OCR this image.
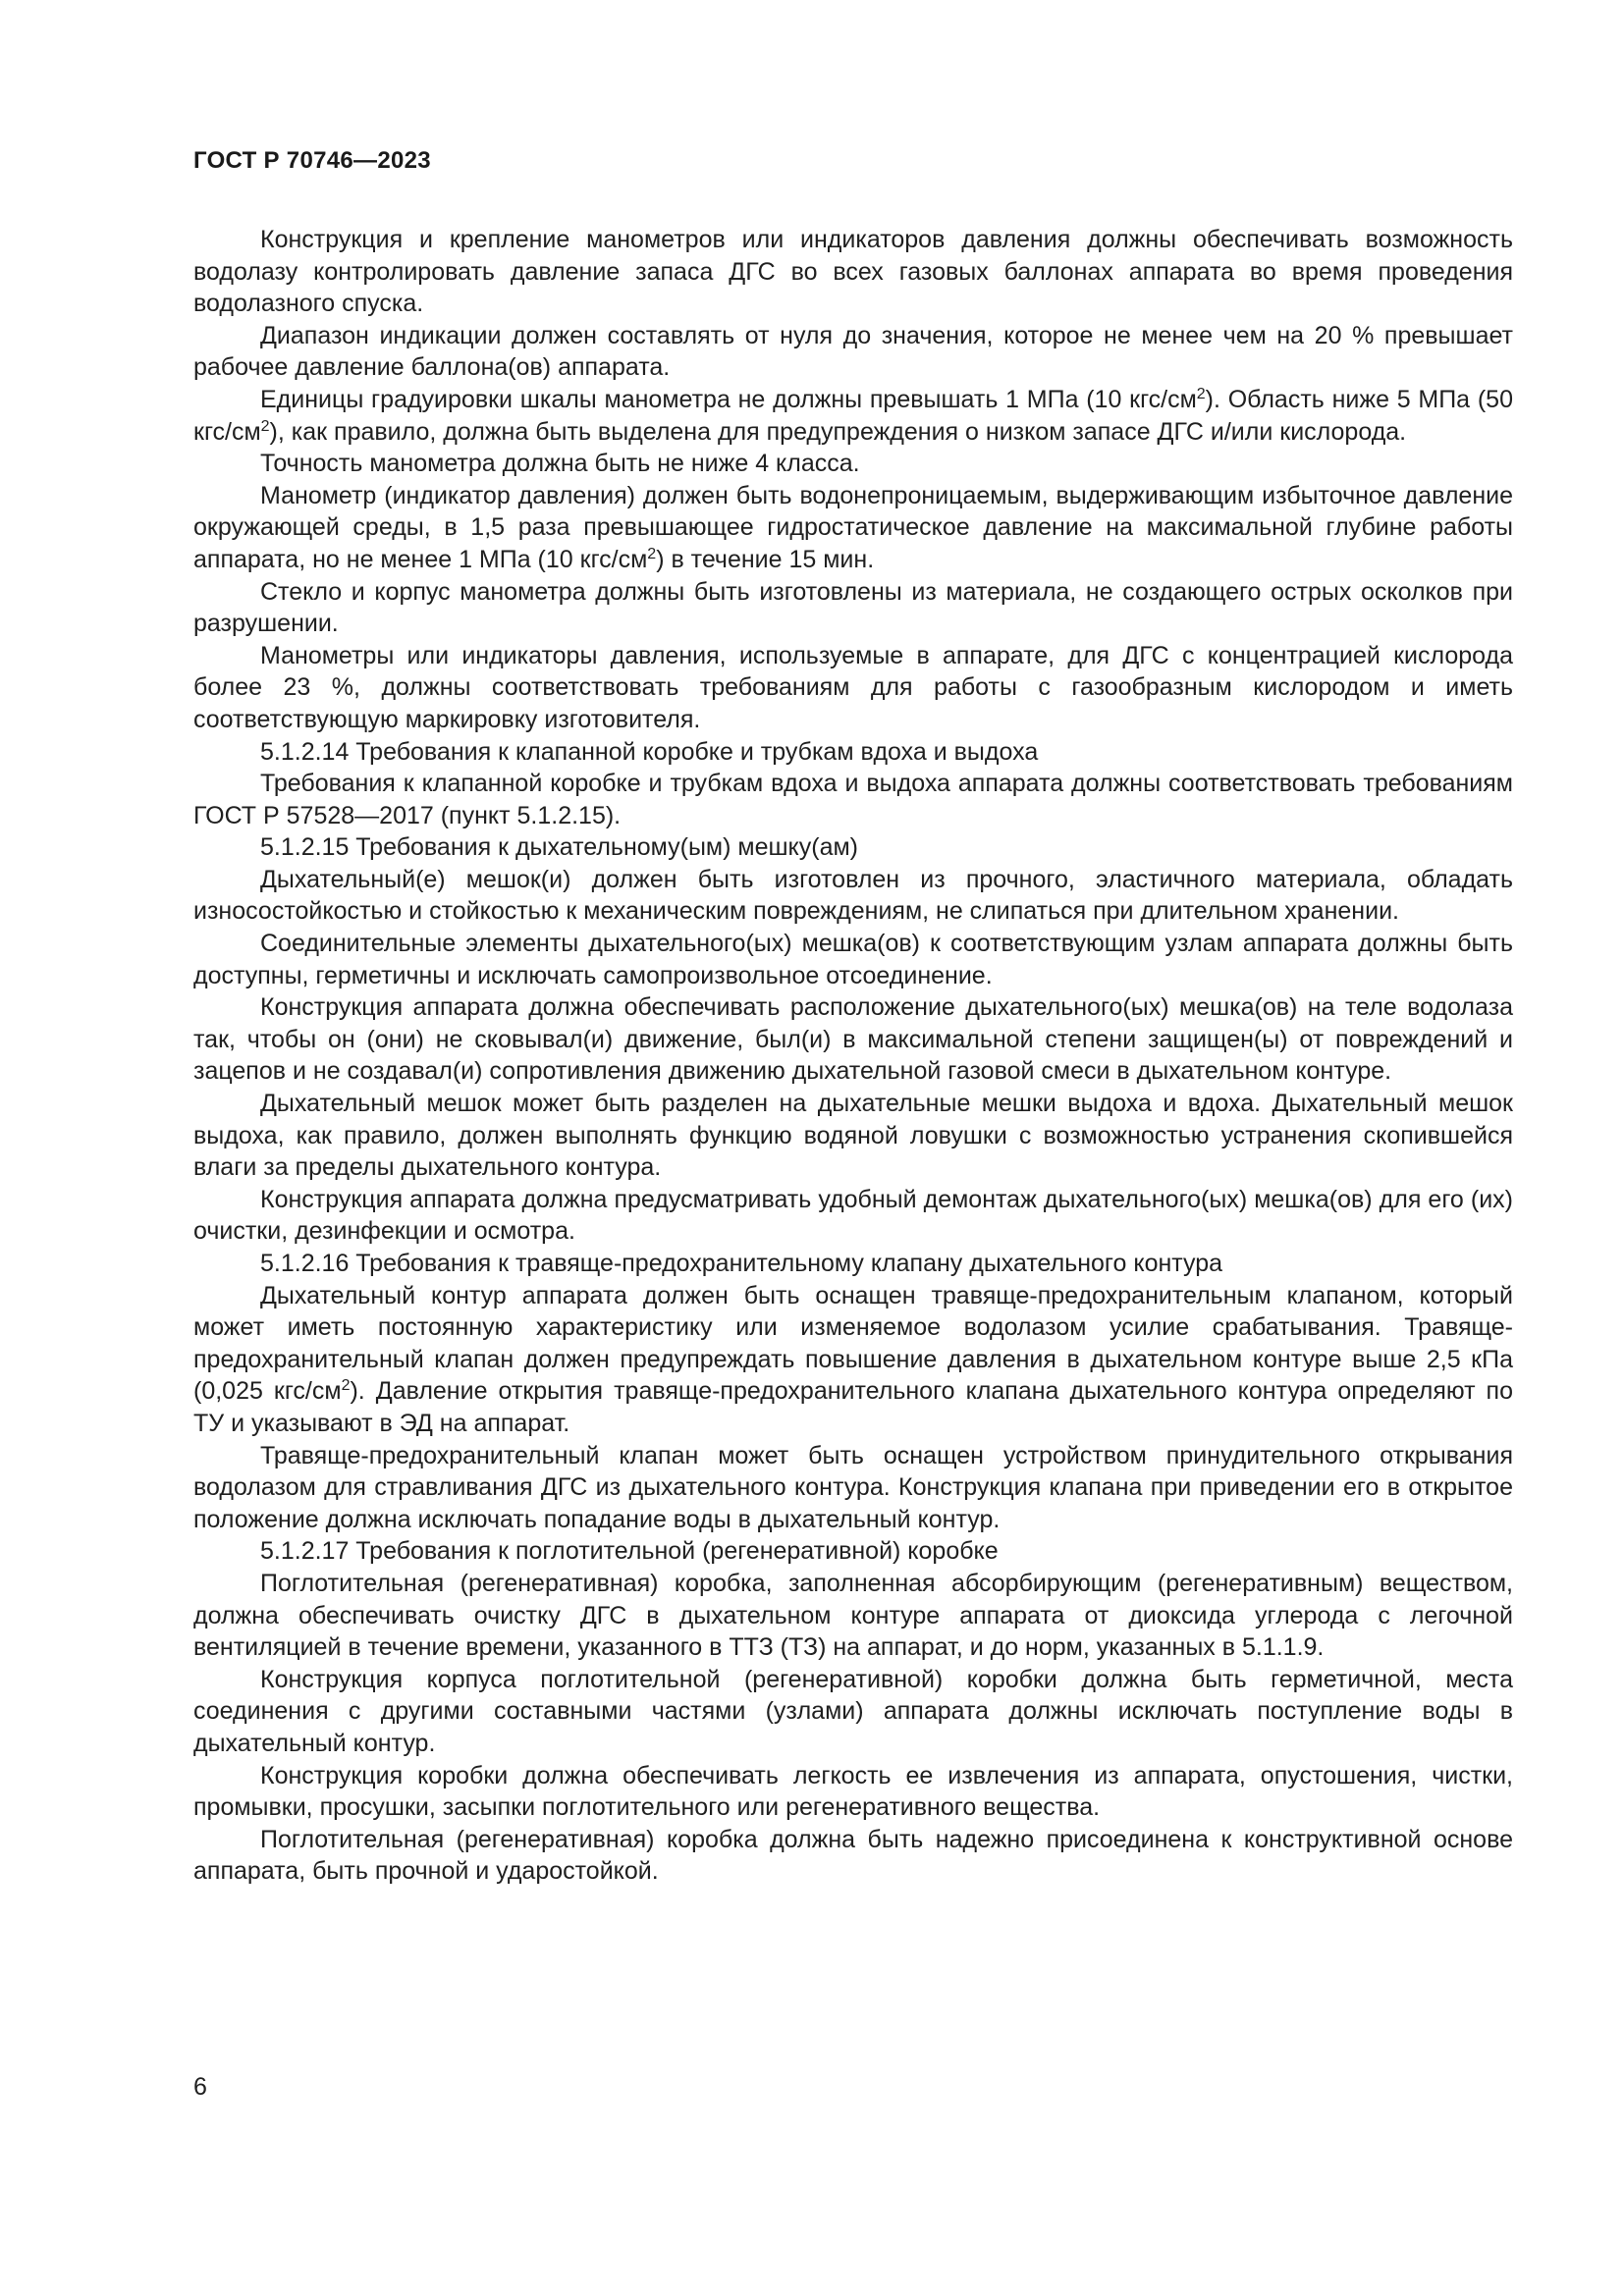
ГОСТ Р 70746—2023

Конструкция и крепление манометров или индикаторов давления должны обеспечивать возможность водолазу контролировать давление запаса ДГС во всех газовых баллонах аппарата во время проведения водолазного спуска.

Диапазон индикации должен составлять от нуля до значения, которое не менее чем на 20 % превышает рабочее давление баллона(ов) аппарата.

Единицы градуировки шкалы манометра не должны превышать 1 МПа (10 кгс/$см^2$). Область ниже 5 МПа (50 кгс/$см^2$), как правило, должна быть выделена для предупреждения о низком запасе ДГС и/или кислорода.

Точность манометра должна быть не ниже 4 класса.

Манометр (индикатор давления) должен быть водонепроницаемым, выдерживающим избыточное давление окружающей среды, в 1,5 раза превышающее гидростатическое давление на максимальной глубине работы аппарата, но не менее 1 МПа (10 кгс/$см^2$) в течение 15 мин.

Стекло и корпус манометра должны быть изготовлены из материала, не создающего острых осколков при разрушении.

Манометры или индикаторы давления, используемые в аппарате, для ДГС с концентрацией кислорода более 23 %, должны соответствовать требованиям для работы с газообразным кислородом и иметь соответствующую маркировку изготовителя.

5.1.2.14 Требования к клапанной коробке и трубкам вдоха и выдоха

Требования к клапанной коробке и трубкам вдоха и выдоха аппарата должны соответствовать требованиям ГОСТ Р 57528—2017 (пункт 5.1.2.15).

5.1.2.15 Требования к дыхательному(ым) мешку(ам)

Дыхательный(е) мешок(и) должен быть изготовлен из прочного, эластичного материала, обладать износостойкостью и стойкостью к механическим повреждениям, не слипаться при длительном хранении.

Соединительные элементы дыхательного(ых) мешка(ов) к соответствующим узлам аппарата должны быть доступны, герметичны и исключать самопроизвольное отсоединение.

Конструкция аппарата должна обеспечивать расположение дыхательного(ых) мешка(ов) на теле водолаза так, чтобы он (они) не сковывал(и) движение, был(и) в максимальной степени защищен(ы) от повреждений и зацепов и не создавал(и) сопротивления движению дыхательной газовой смеси в дыхательном контуре.

Дыхательный мешок может быть разделен на дыхательные мешки выдоха и вдоха. Дыхательный мешок выдоха, как правило, должен выполнять функцию водяной ловушки с возможностью устранения скопившейся влаги за пределы дыхательного контура.

Конструкция аппарата должна предусматривать удобный демонтаж дыхательного(ых) мешка(ов) для его (их) очистки, дезинфекции и осмотра.

5.1.2.16 Требования к травяще-предохранительному клапану дыхательного контура

Дыхательный контур аппарата должен быть оснащен травяще-предохранительным клапаном, который может иметь постоянную характеристику или изменяемое водолазом усилие срабатывания. Травяще-предохранительный клапан должен предупреждать повышение давления в дыхательном контуре выше 2,5 кПа (0,025 кгс/$см^2$). Давление открытия травяще-предохранительного клапана дыхательного контура определяют по ТУ и указывают в ЭД на аппарат.

Травяще-предохранительный клапан может быть оснащен устройством принудительного открывания водолазом для стравливания ДГС из дыхательного контура. Конструкция клапана при приведении его в открытое положение должна исключать попадание воды в дыхательный контур.

5.1.2.17 Требования к поглотительной (регенеративной) коробке

Поглотительная (регенеративная) коробка, заполненная абсорбирующим (регенеративным) веществом, должна обеспечивать очистку ДГС в дыхательном контуре аппарата от диоксида углерода с легочной вентиляцией в течение времени, указанного в ТТЗ (ТЗ) на аппарат, и до норм, указанных в 5.1.1.9.

Конструкция корпуса поглотительной (регенеративной) коробки должна быть герметичной, места соединения с другими составными частями (узлами) аппарата должны исключать поступление воды в дыхательный контур.

Конструкция коробки должна обеспечивать легкость ее извлечения из аппарата, опустошения, чистки, промывки, просушки, засыпки поглотительного или регенеративного вещества.

Поглотительная (регенеративная) коробка должна быть надежно присоединена к конструктивной основе аппарата, быть прочной и ударостойкой.

6
